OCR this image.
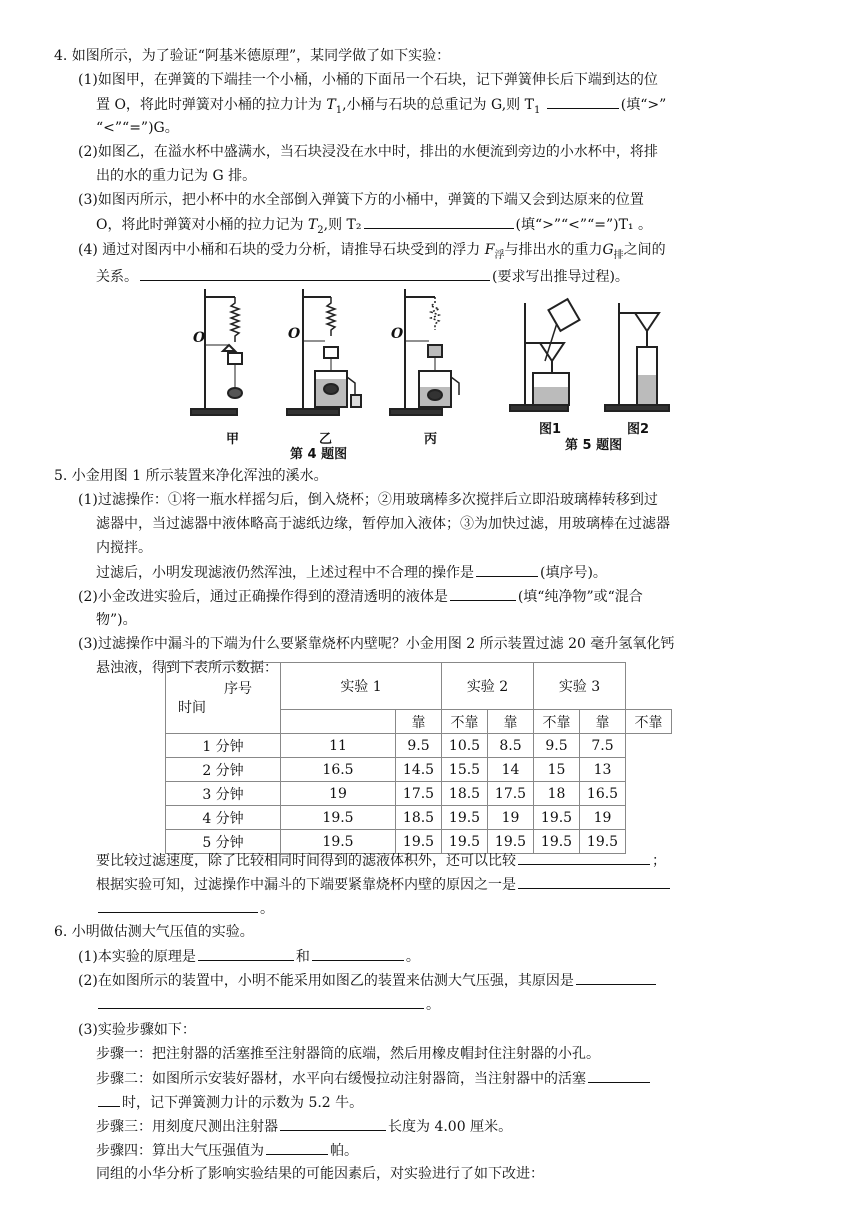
4. 如图所示，为了验证“阿基米德原理”，某同学做了如下实验：
(1)如图甲，在弹簧的下端挂一个小桶，小桶的下面吊一个石块，记下弹簧伸长后下端到达的位
置 O，将此时弹簧对小桶的拉力计为 $T_1$,小桶与石块的总重记为 G,则 $T_1$	(填“>”
“<”“=”)G。
(2)如图乙，在溢水杯中盛满水，当石块浸没在水中时，排出的水便流到旁边的小水杯中，将排
出的水的重力记为 G 排。
(3)如图丙所示，把小杯中的水全部倒入弹簧下方的小桶中，弹簧的下端又会到达原来的位置
O，将此时弹簧对小桶的拉力记为 $T_2$,则 T₂	(填“>”“<”“=”)T₁ 。
(4) 通过对图丙中小桶和石块的受力分析，请推导石块受到的浮力 $F_浮$与排出水的重力$G_排$之间的
关系。	(要求写出推导过程)。
O	O	O
甲	乙	丙
第 4 题图
图1	图2
第 5 题图
5. 小金用图 1 所示装置来净化浑浊的溪水。
(1)过滤操作：①将一瓶水样摇匀后，倒入烧杯；②用玻璃棒多次搅拌后立即沿玻璃棒转移到过
滤器中，当过滤器中液体略高于滤纸边缘，暂停加入液体；③为加快过滤，用玻璃棒在过滤器
内搅拌。
过滤后，小明发现滤液仍然浑浊，上述过程中不合理的操作是	(填序号)。
(2)小金改进实验后，通过正确操作得到的澄清透明的液体是	(填“纯净物”或“混合
物”)。
(3)过滤操作中漏斗的下端为什么要紧靠烧杯内壁呢？小金用图 2 所示装置过滤 20 毫升氢氧化钙
悬浊液，得到下表所示数据：
序号
时间	实验 1		实验 2		实验 3		
		靠	不靠	靠	不靠	靠	不靠
1 分钟	11	9.5	10.5	8.5	9.5	7.5	
2 分钟	16.5	14.5	15.5	14	15	13	
3 分钟	19	17.5	18.5	17.5	18	16.5	
4 分钟	19.5	18.5	19.5	19	19.5	19	
5 分钟	19.5	19.5	19.5	19.5	19.5	19.5	
要比较过滤速度，除了比较相同时间得到的滤液体积外，还可以比较	；
根据实验可知，过滤操作中漏斗的下端要紧靠烧杯内壁的原因之一是
。
6. 小明做估测大气压值的实验。
(1)本实验的原理是	和	。
(2)在如图所示的装置中，小明不能采用如图乙的装置来估测大气压强，其原因是
。
(3)实验步骤如下：
步骤一：把注射器的活塞推至注射器筒的底端，然后用橡皮帽封住注射器的小孔。
步骤二：如图所示安装好器材，水平向右缓慢拉动注射器筒，当注射器中的活塞
时，记下弹簧测力计的示数为 5.2 牛。
步骤三：用刻度尺测出注射器	长度为 4.00 厘米。
步骤四：算出大气压强值为	帕。
同组的小华分析了影响实验结果的可能因素后，对实验进行了如下改进：
